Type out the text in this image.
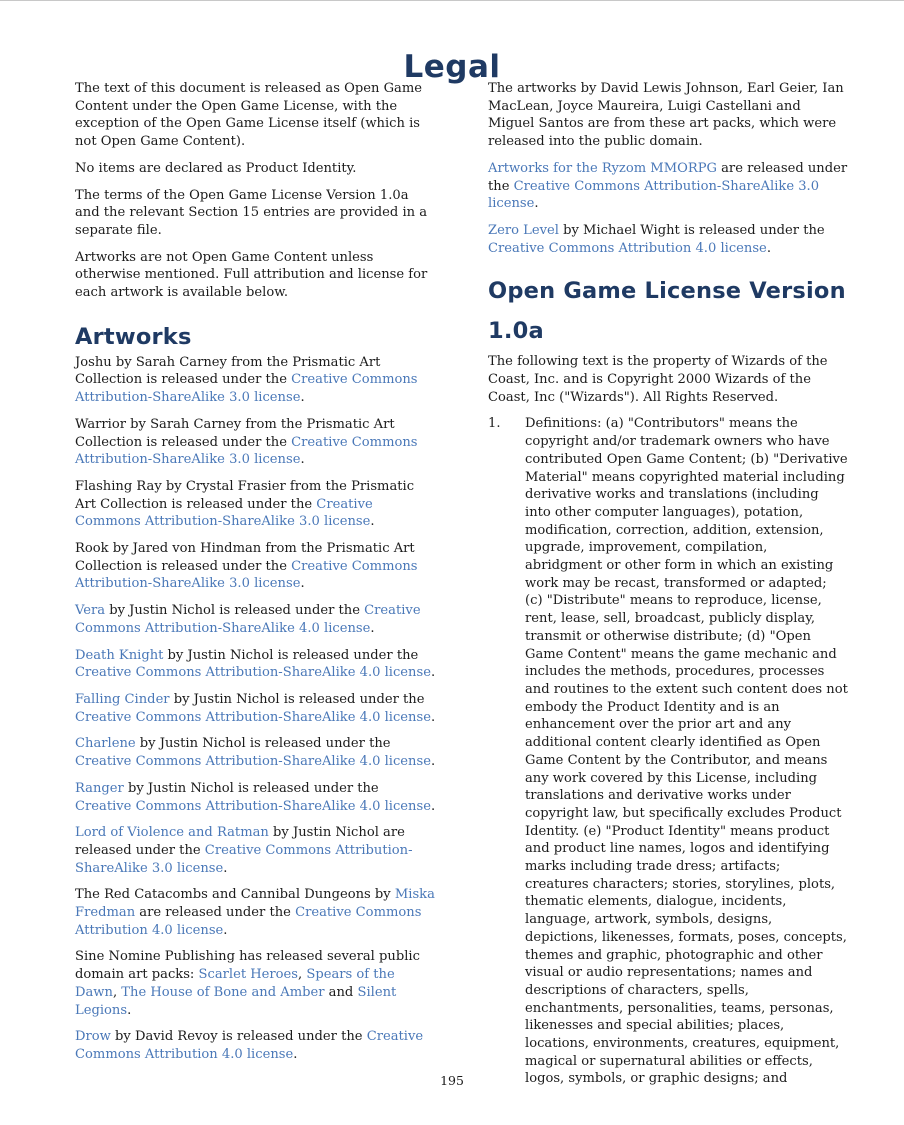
Legal

The text of this document is released as Open Game Content under the Open Game License, with the exception of the Open Game License itself (which is not Open Game Content).

No items are declared as Product Identity.

The terms of the Open Game License Version 1.0a and the relevant Section 15 entries are provided in a separate file.

Artworks are not Open Game Content unless otherwise mentioned. Full attribution and license for each artwork is available below.

Artworks

Joshu by Sarah Carney from the Prismatic Art Collection is released under the Creative Commons Attribution-ShareAlike 3.0 license.

Warrior by Sarah Carney from the Prismatic Art Collection is released under the Creative Commons Attribution-ShareAlike 3.0 license.

Flashing Ray by Crystal Frasier from the Prismatic Art Collection is released under the Creative Commons Attribution-ShareAlike 3.0 license.

Rook by Jared von Hindman from the Prismatic Art Collection is released under the Creative Commons Attribution-ShareAlike 3.0 license.

Vera by Justin Nichol is released under the Creative Commons Attribution-ShareAlike 4.0 license.

Death Knight by Justin Nichol is released under the Creative Commons Attribution-ShareAlike 4.0 license.

Falling Cinder by Justin Nichol is released under the Creative Commons Attribution-ShareAlike 4.0 license.

Charlene by Justin Nichol is released under the Creative Commons Attribution-ShareAlike 4.0 license.

Ranger by Justin Nichol is released under the Creative Commons Attribution-ShareAlike 4.0 license.

Lord of Violence and Ratman by Justin Nichol are released under the Creative Commons Attribution-ShareAlike 3.0 license.

The Red Catacombs and Cannibal Dungeons by Miska Fredman are released under the Creative Commons Attribution 4.0 license.

Sine Nomine Publishing has released several public domain art packs: Scarlet Heroes, Spears of the Dawn, The House of Bone and Amber and Silent Legions.

Drow by David Revoy is released under the Creative Commons Attribution 4.0 license.

The artworks by David Lewis Johnson, Earl Geier, Ian MacLean, Joyce Maureira, Luigi Castellani and Miguel Santos are from these art packs, which were released into the public domain.

Artworks for the Ryzom MMORPG are released under the Creative Commons Attribution-ShareAlike 3.0 license.

Zero Level by Michael Wight is released under the Creative Commons Attribution 4.0 license.

Open Game License Version 1.0a

The following text is the property of Wizards of the Coast, Inc. and is Copyright 2000 Wizards of the Coast, Inc ("Wizards"). All Rights Reserved.

1. Definitions: (a) "Contributors" means the copyright and/or trademark owners who have contributed Open Game Content; (b) "Derivative Material" means copyrighted material including derivative works and translations (including into other computer languages), potation, modification, correction, addition, extension, upgrade, improvement, compilation, abridgment or other form in which an existing work may be recast, transformed or adapted; (c) "Distribute" means to reproduce, license, rent, lease, sell, broadcast, publicly display, transmit or otherwise distribute; (d) "Open Game Content" means the game mechanic and includes the methods, procedures, processes and routines to the extent such content does not embody the Product Identity and is an enhancement over the prior art and any additional content clearly identified as Open Game Content by the Contributor, and means any work covered by this License, including translations and derivative works under copyright law, but specifically excludes Product Identity. (e) "Product Identity" means product and product line names, logos and identifying marks including trade dress; artifacts; creatures characters; stories, storylines, plots, thematic elements, dialogue, incidents, language, artwork, symbols, designs, depictions, likenesses, formats, poses, concepts, themes and graphic, photographic and other visual or audio representations; names and descriptions of characters, spells, enchantments, personalities, teams, personas, likenesses and special abilities; places, locations, environments, creatures, equipment, magical or supernatural abilities or effects, logos, symbols, or graphic designs; and
195
